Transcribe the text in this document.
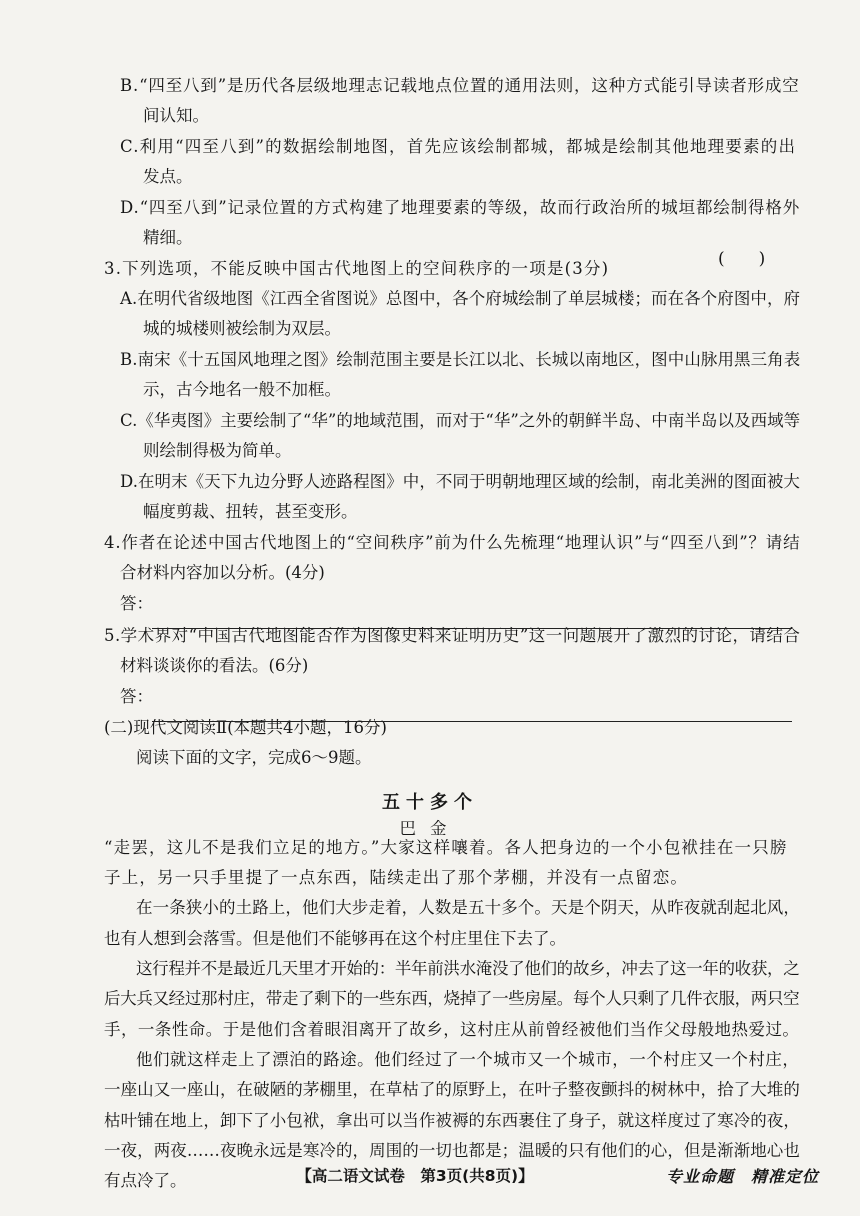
B.“四至八到”是历代各层级地理志记载地点位置的通用法则，这种方式能引导读者形成空
间认知。
C.利用“四至八到”的数据绘制地图，首先应该绘制都城，都城是绘制其他地理要素的出
发点。
D.“四至八到”记录位置的方式构建了地理要素的等级，故而行政治所的城垣都绘制得格外
精细。
3.下列选项，不能反映中国古代地图上的空间秩序的一项是(3分)
A.在明代省级地图《江西全省图说》总图中，各个府城绘制了单层城楼；而在各个府图中，府
城的城楼则被绘制为双层。
B.南宋《十五国风地理之图》绘制范围主要是长江以北、长城以南地区，图中山脉用黑三角表
示，古今地名一般不加框。
C.《华夷图》主要绘制了“华”的地域范围，而对于“华”之外的朝鲜半岛、中南半岛以及西域等
则绘制得极为简单。
D.在明末《天下九边分野人迹路程图》中，不同于明朝地理区域的绘制，南北美洲的图面被大
幅度剪裁、扭转，甚至变形。
4.作者在论述中国古代地图上的“空间秩序”前为什么先梳理“地理认识”与“四至八到”？请结
合材料内容加以分析。(4分)
答：
5.学术界对“中国古代地图能否作为图像史料来证明历史”这一问题展开了激烈的讨论，请结合
材料谈谈你的看法。(6分)
答：
(二)现代文阅读Ⅱ(本题共4小题，16分)
阅读下面的文字，完成6～9题。
“走罢，这儿不是我们立足的地方。”大家这样嚷着。各人把身边的一个小包袱挂在一只膀
子上，另一只手里提了一点东西，陆续走出了那个茅棚，并没有一点留恋。
在一条狭小的土路上，他们大步走着，人数是五十多个。天是个阴天，从昨夜就刮起北风，
也有人想到会落雪。但是他们不能够再在这个村庄里住下去了。
这行程并不是最近几天里才开始的：半年前洪水淹没了他们的故乡，冲去了这一年的收获，之
后大兵又经过那村庄，带走了剩下的一些东西，烧掉了一些房屋。每个人只剩了几件衣服，两只空
手，一条性命。于是他们含着眼泪离开了故乡，这村庄从前曾经被他们当作父母般地热爱过。
他们就这样走上了漂泊的路途。他们经过了一个城市又一个城市，一个村庄又一个村庄，
一座山又一座山，在破陋的茅棚里，在草枯了的原野上，在叶子整夜颤抖的树林中，拾了大堆的
枯叶铺在地上，卸下了小包袱，拿出可以当作被褥的东西裹住了身子，就这样度过了寒冷的夜，
一夜，两夜……夜晚永远是寒冷的，周围的一切也都是；温暖的只有他们的心，但是渐渐地心也
有点冷了。
(　　)
五十多个
巴金
【高二语文试卷　第3页(共8页)】	专业命题　精准定位
